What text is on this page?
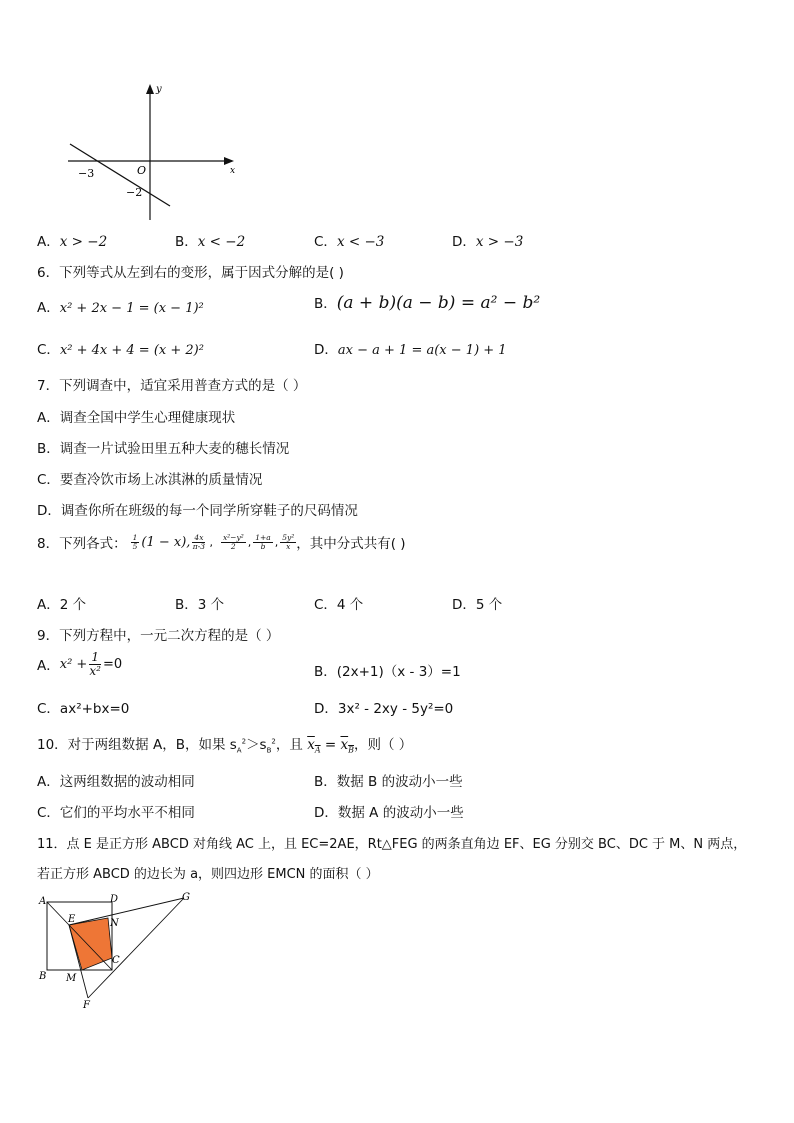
y
x
O
−3
−2
A．x > −2	B．x < −2	C．x < −3	D．x > −3
6．下列等式从左到右的变形，属于因式分解的是( )
A．x² + 2x − 1 = (x − 1)²	B．(a + b)(a − b) = a² − b²
C．x² + 4x + 4 = (x + 2)²	D．ax − a + 1 = a(x − 1) + 1
7．下列调查中，适宜采用普查方式的是（ ）
A．调查全国中学生心理健康现状
B．调查一片试验田里五种大麦的穗长情况
C．要查冷饮市场上冰淇淋的质量情况
D．调查你所在班级的每一个同学所穿鞋子的尺码情况
8．下列各式： $\frac{1}{5} (1 - x)$, $\frac{4x}{\pi-3}$ , $\frac{\text{x²−y²}}{2}$ , $\frac{1+a}{b}$ , $\frac{\text{5y²}}{x}$ ，其中分式共有( )
A．2 个	B．3 个	C．4 个	D．5 个
9．下列方程中，一元二次方程的是（ ）
A． $x^2 + \frac{1}{\text{x²}} =0$	B．(2x+1)（x - 3）=1
C．ax²+bx=0	D．3x² - 2xy - 5y²=0
10．对于两组数据 A，B，如果 $s_A^2>s_B^2$，且 $x_A = x_B$，则（ ）
A．这两组数据的波动相同	B．数据 B 的波动小一些
C．它们的平均水平不相同	D．数据 A 的波动小一些
11．点 E 是正方形 ABCD 对角线 AC 上，且 EC=2AE，Rt△FEG 的两条直角边 EF、EG 分别交 BC、DC 于 M、N 两点，
若正方形 ABCD 的边长为 a，则四边形 EMCN 的面积（ ）
A	D
B
C
E	N
M
F
G
